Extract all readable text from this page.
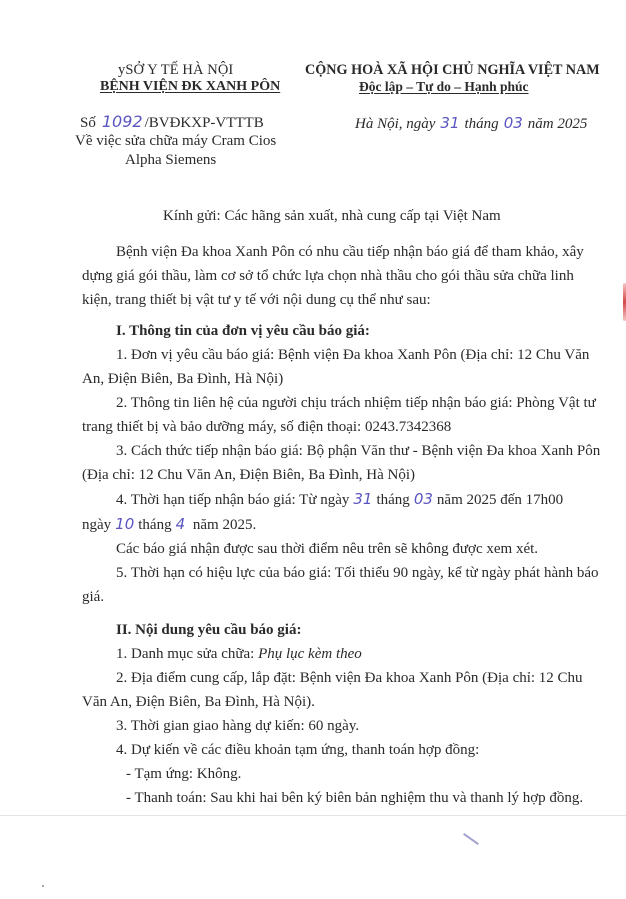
ySỞ Y TẾ HÀ NỘI
BỆNH VIỆN ĐK XANH PÔN
CỘNG HOÀ XÃ HỘI CHỦ NGHĨA VIỆT NAM
Độc lập – Tự do – Hạnh phúc
Số 1092 /BVĐKXP-VTTTB
Về việc sửa chữa máy Cram Cios
Alpha Siemens
Hà Nội, ngày 31 tháng 03 năm 2025
Kính gửi: Các hãng sản xuất, nhà cung cấp tại Việt Nam

Bệnh viện Đa khoa Xanh Pôn có nhu cầu tiếp nhận báo giá để tham khảo, xây dựng giá gói thầu, làm cơ sở tổ chức lựa chọn nhà thầu cho gói thầu sửa chữa linh kiện, trang thiết bị vật tư y tế với nội dung cụ thể như sau:

I. Thông tin của đơn vị yêu cầu báo giá:

1. Đơn vị yêu cầu báo giá: Bệnh viện Đa khoa Xanh Pôn (Địa chỉ: 12 Chu Văn An, Điện Biên, Ba Đình, Hà Nội)

2. Thông tin liên hệ của người chịu trách nhiệm tiếp nhận báo giá: Phòng Vật tư trang thiết bị và bảo dưỡng máy, số điện thoại: 0243.7342368

3. Cách thức tiếp nhận báo giá: Bộ phận Văn thư - Bệnh viện Đa khoa Xanh Pôn (Địa chỉ: 12 Chu Văn An, Điện Biên, Ba Đình, Hà Nội)

4. Thời hạn tiếp nhận báo giá: Từ ngày 31 tháng 03 năm 2025 đến 17h00 ngày 10 tháng 4 năm 2025.

Các báo giá nhận được sau thời điểm nêu trên sẽ không được xem xét.

5. Thời hạn có hiệu lực của báo giá: Tối thiểu 90 ngày, kể từ ngày phát hành báo giá.

II. Nội dung yêu cầu báo giá:

1. Danh mục sửa chữa: Phụ lục kèm theo

2. Địa điểm cung cấp, lắp đặt: Bệnh viện Đa khoa Xanh Pôn (Địa chỉ: 12 Chu Văn An, Điện Biên, Ba Đình, Hà Nội).

3. Thời gian giao hàng dự kiến: 60 ngày.

4. Dự kiến về các điều khoản tạm ứng, thanh toán hợp đồng:

- Tạm ứng: Không.

- Thanh toán: Sau khi hai bên ký biên bản nghiệm thu và thanh lý hợp đồng.
